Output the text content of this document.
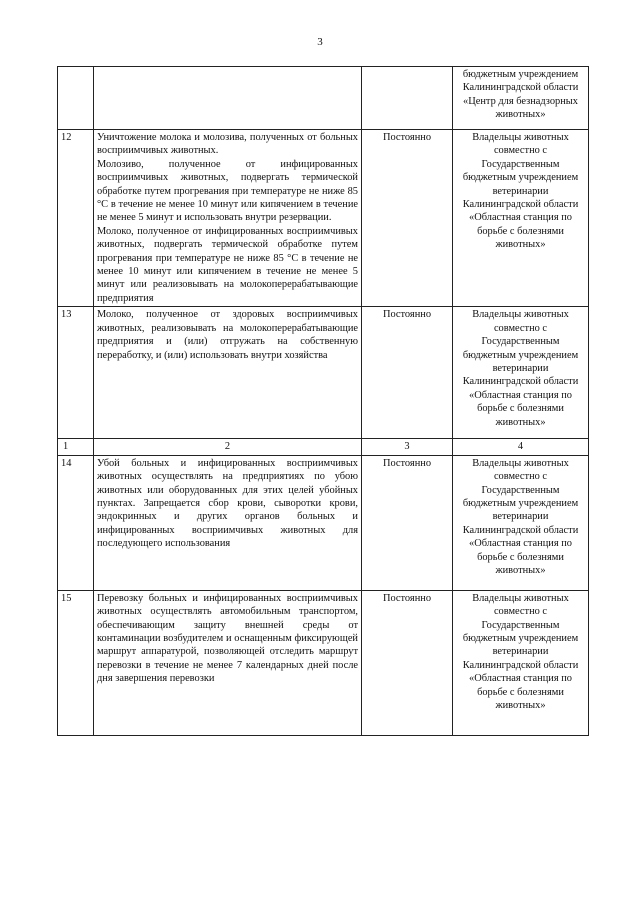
3
			бюджетным учреждением Калининградской области «Центр для безнадзорных животных»
12	Уничтожение молока и молозива, полученных от больных восприимчивых животных.

Молозиво, полученное от инфицированных восприимчивых животных, подвергать термической обработке путем прогревания при температуре не ниже 85 °С в течение не менее 10 минут или кипячением в течение не менее 5 минут и использовать внутри резервации.

Молоко, полученное от инфицированных восприимчивых животных, подвергать термической обработке путем прогревания при температуре не ниже 85 °С в течение не менее 10 минут или кипячением в течение не менее 5 минут или реализовывать на молокоперерабатывающие предприятия	Постоянно	Владельцы животных совместно с Государственным бюджетным учреждением ветеринарии Калининградской области «Областная станция по борьбе с болезнями животных»
13	Молоко, полученное от здоровых восприимчивых животных, реализовывать на молокоперерабатывающие предприятия и (или) отгружать на собственную переработку, и (или) использовать внутри хозяйства	Постоянно	Владельцы животных совместно с Государственным бюджетным учреждением ветеринарии Калининградской области «Областная станция по борьбе с болезнями животных»
1	2	3	4
14	Убой больных и инфицированных восприимчивых животных осуществлять на предприятиях по убою животных или оборудованных для этих целей убойных пунктах. Запрещается сбор крови, сыворотки крови, эндокринных и других органов больных и инфицированных восприимчивых животных для последующего использования	Постоянно	Владельцы животных совместно с Государственным бюджетным учреждением ветеринарии Калининградской области «Областная станция по борьбе с болезнями животных»
15	Перевозку больных и инфицированных восприимчивых животных осуществлять автомобильным транспортом, обеспечивающим защиту внешней среды от контаминации возбудителем и оснащенным фиксирующей маршрут аппаратурой, позволяющей отследить маршрут перевозки в течение не менее 7 календарных дней после дня завершения перевозки	Постоянно	Владельцы животных совместно с Государственным бюджетным учреждением ветеринарии Калининградской области «Областная станция по борьбе с болезнями животных»
